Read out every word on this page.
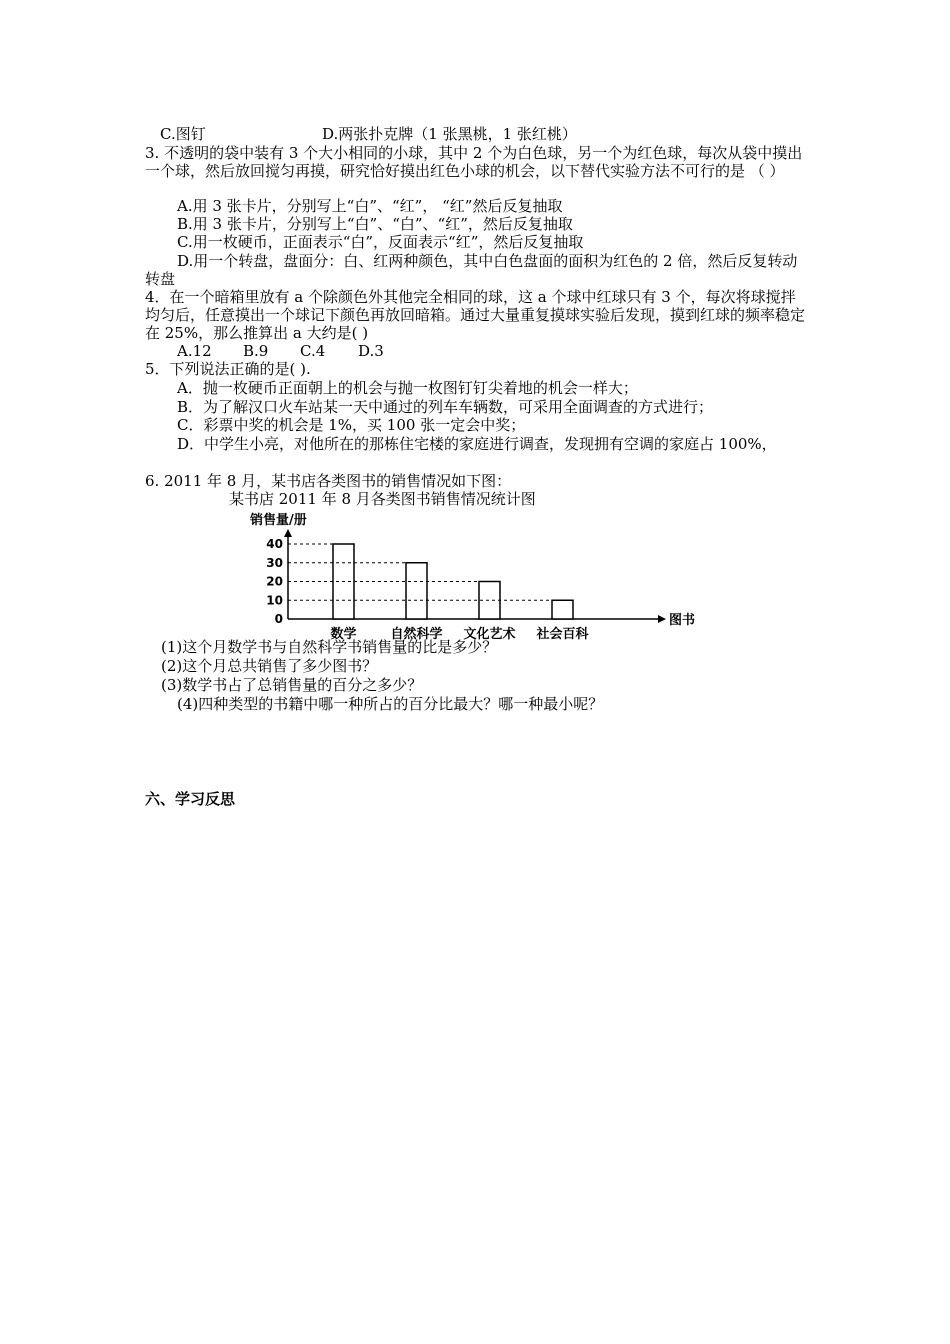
C.图钉	D.两张扑克牌（1 张黑桃，1 张红桃）
3. 不透明的袋中装有 3 个大小相同的小球，其中 2 个为白色球，另一个为红色球，每次从袋中摸出一个球，然后放回搅匀再摸，研究恰好摸出红色小球的机会，以下替代实验方法不可行的是 （ ）
A.用 3 张卡片，分别写上“白”、“红”， “红”然后反复抽取
B.用 3 张卡片，分别写上“白”、“白”、“红”，然后反复抽取
C.用一枚硬币，正面表示“白”，反面表示“红”，然后反复抽取
D.用一个转盘，盘面分：白、红两种颜色，其中白色盘面的面积为红色的 2 倍，然后反复转动转盘
4．在一个暗箱里放有 a 个除颜色外其他完全相同的球，这 a 个球中红球只有 3 个，每次将球搅拌均匀后，任意摸出一个球记下颜色再放回暗箱。通过大量重复摸球实验后发现，摸到红球的频率稳定在 25%，那么推算出 a 大约是( )
A.12 B.9 C.4 D.3
5．下列说法正确的是( ).
A．抛一枚硬币正面朝上的机会与抛一枚图钉钉尖着地的机会一样大；
B．为了解汉口火车站某一天中通过的列车车辆数，可采用全面调查的方式进行；
C．彩票中奖的机会是 1%，买 100 张一定会中奖；
D．中学生小亮，对他所在的那栋住宅楼的家庭进行调查，发现拥有空调的家庭占 100%，
6. 2011 年 8 月，某书店各类图书的销售情况如下图：
某书店 2011 年 8 月各类图书销售情况统计图
销售量/册
图书
0
10
20
30
40
数学	自然科学 文化艺术 社会百科
(1)这个月数学书与自然科学书销售量的比是多少？
(2)这个月总共销售了多少图书？
(3)数学书占了总销售量的百分之多少？
(4)四种类型的书籍中哪一种所占的百分比最大？哪一种最小呢？
六、学习反思
